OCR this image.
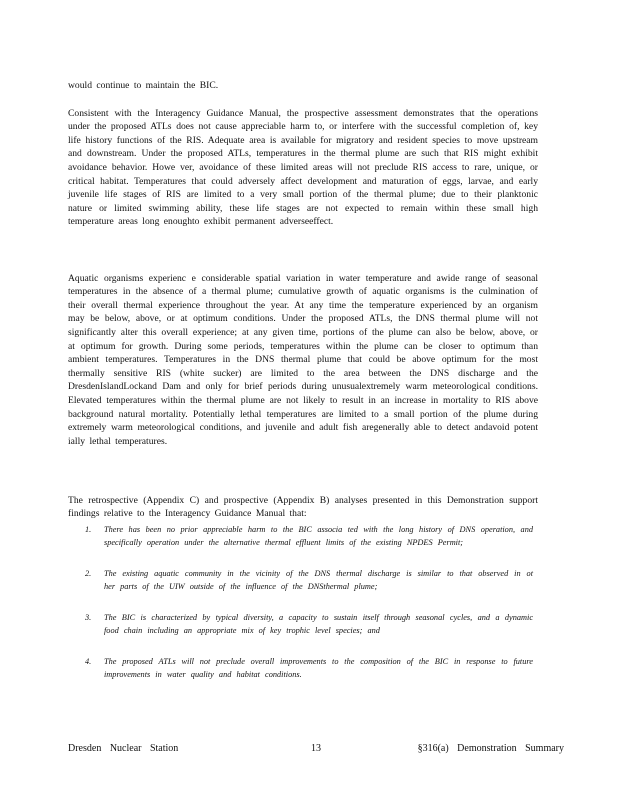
would continue to maintain the BIC.

Consistent with the Interagency Guidance Manual, the prospective assessment demonstrates that the operations under the proposed ATLs does not cause appreciable harm to, or interfere with the successful completion of, key life history functions of the RIS. Adequate area is available for migratory and resident species to move upstream and downstream. Under the proposed ATLs, temperatures in the thermal plume are such that RIS might exhibit avoidance behavior. Howe ver, avoidance of these limited areas will not preclude RIS access to rare, unique, or critical habitat. Temperatures that could adversely affect development and maturation of eggs, larvae, and early juvenile life stages of RIS are limited to a very small portion of the thermal plume; due to their planktonic nature or limited swimming ability, these life stages are not expected to remain within these small high temperature areas long enoughto exhibit permanent adverseeffect.

Aquatic organisms experienc e considerable spatial variation in water temperature and awide range of seasonal temperatures in the absence of a thermal plume; cumulative growth of aquatic organisms is the culmination of their overall thermal experience throughout the year. At any time the temperature experienced by an organism may be below, above, or at optimum conditions. Under the proposed ATLs, the DNS thermal plume will not significantly alter this overall experience; at any given time, portions of the plume can also be below, above, or at optimum for growth. During some periods, temperatures within the plume can be closer to optimum than ambient temperatures. Temperatures in the DNS thermal plume that could be above optimum for the most thermally sensitive RIS (white sucker) are limited to the area between the DNS discharge and the DresdenIslandLockand Dam and only for brief periods during unusualextremely warm meteorological conditions. Elevated temperatures within the thermal plume are not likely to result in an increase in mortality to RIS above background natural mortality. Potentially lethal temperatures are limited to a small portion of the plume during extremely warm meteorological conditions, and juvenile and adult fish aregenerally able to detect andavoid potent ially lethal temperatures.

The retrospective (Appendix C) and prospective (Appendix B) analyses presented in this Demonstration support findings relative to the Interagency Guidance Manual that:

1. There has been no prior appreciable harm to the BIC associa ted with the long history of DNS operation, and specifically operation under the alternative thermal effluent limits of the existing NPDES Permit;
2. The existing aquatic community in the vicinity of the DNS thermal discharge is similar to that observed in ot her parts of the UIW outside of the influence of the DNSthermal plume;
3. The BIC is characterized by typical diversity, a capacity to sustain itself through seasonal cycles, and a dynamic food chain including an appropriate mix of key trophic level species; and
4. The proposed ATLs will not preclude overall improvements to the composition of the BIC in response to future improvements in water quality and habitat conditions.
Dresden Nuclear Station	13	§316(a) Demonstration Summary
